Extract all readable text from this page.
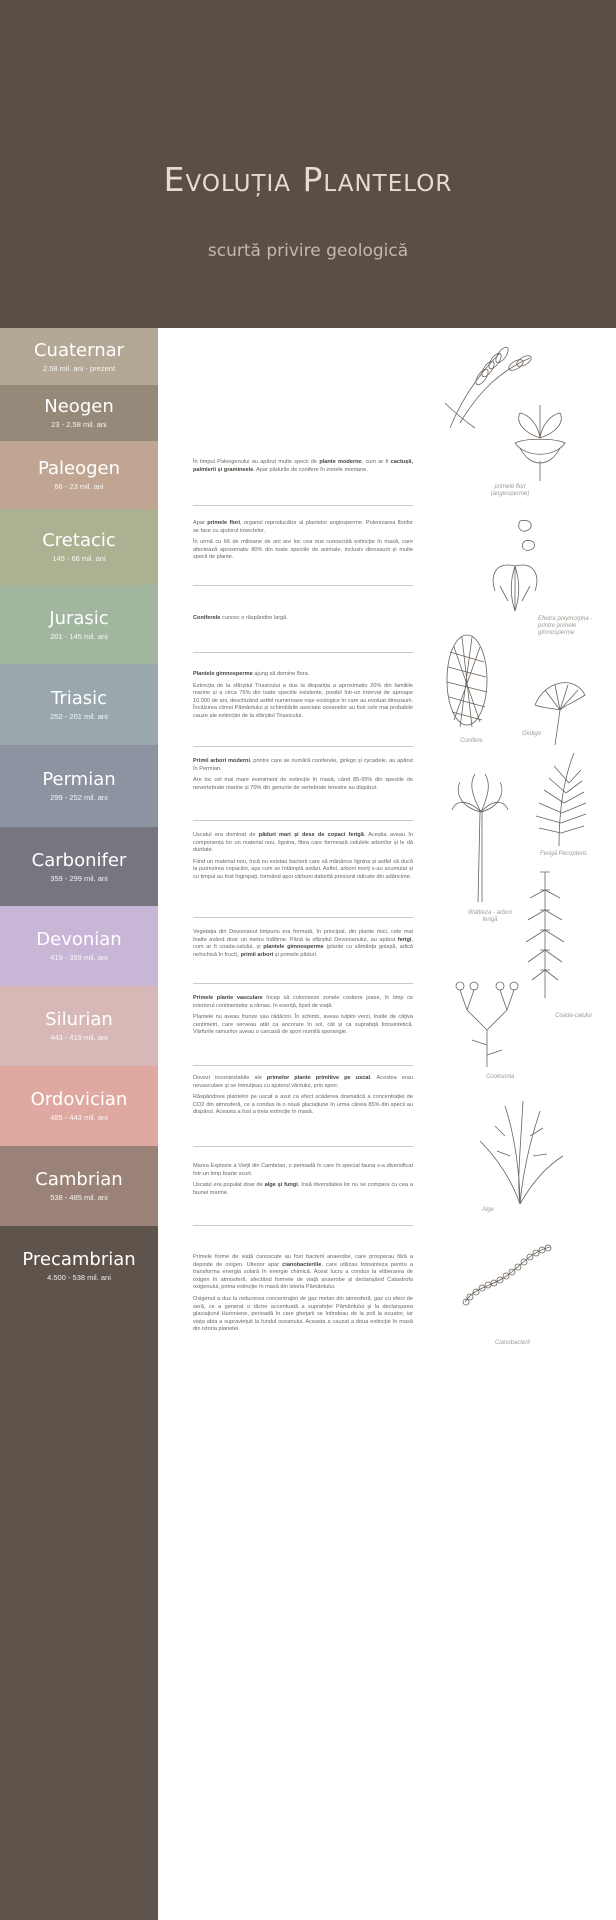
Evoluția Plantelor
scurtă privire geologică
Cuaternar
2.58 mil. ani - prezent
Neogen
23 - 2.58 mil. ani
Paleogen
66 - 23 mil. ani
Cretacic
145 - 66 mil. ani
Jurasic
201 - 145 mil. ani
Triasic
252 - 201 mil. ani
Permian
299 - 252 mil. ani
Carbonifer
359 - 299 mil. ani
Devonian
419 - 359 mil. ani
Silurian
443 - 419 mil. ani
Ordovician
485 - 443 mil. ani
Cambrian
538 - 485 mil. ani
Precambrian
4.500 - 538 mil. ani

În timpul Paleogenului au apărut multe specii de plante moderne, cum ar fi cactușii, palmierii și gramineele. Apar pădurile de conifere în zonele montane.

Apar primele flori, organul reproducător al plantelor angiosperme. Polenizarea florilor se face cu ajutorul insectelor.

În urmă cu 66 de milioane de ani are loc cea mai cunoscută extincție în masă, care afectează aproximativ 80% din toate speciile de animale, inclusiv dinozaurii și multe specii de plante.

Coniferele cunosc o răspândire largă.

Plantele gimnosperme ajung să domine flora.

Extincția de la sfârșitul Triasicului a dus la dispariția a aproximativ 20% din familiile marine și a circa 76% din toate speciile existente, posibil într-un interval de aproape 10.000 de ani, deschizând astfel numeroase nișe ecologice în care au evoluat dinozaurii. Încălzirea climei Pământului și schimbările asociate oceanelor au fost cele mai probabile cauze ale extincției de la sfârșitul Triasicului.

Primii arbori moderni, printre care se numără coniferele, ginkgo și cycadele, au apărut în Permian.

Are loc cel mai mare eveniment de extincție în masă, când 85-95% din speciile de nevertebrate marine și 70% din genurile de vertebrate terestre au dispărut.

Uscatul era dominat de păduri mari și dese de copaci ferigă. Aceștia aveau în componența lor un material nou, lignina, fibra care formează celulele arborilor și le dă duritate.

Fiind un material nou, încă nu existau bacterii care să mănânce lignina și astfel să ducă la putrezirea copacilor, așa cum se întâmplă astăzi. Astfel, arborii morți s-au acumulat și cu timpul au fost îngropați, formând apoi cărbuni datorită presiunii ridicate din adâncime.

Vegetația din Devonianul timpuriu era formată, în principal, din plante mici, cele mai înalte având doar un metru înălțime. Până la sfârșitul Devonianului, au apărut ferigi, cum ar fi coada-calului, și plantele gimnosperme (plante cu sămânța golașă, adică neînchisă în fruct), primii arbori și primele păduri.

Primele plante vasculare încep să colonizeze zonele costiere joase, în timp ce interiorul continentelor a rămas, în esență, lipsit de viață.

Plantele nu aveau frunze sau rădăcini. În schimb, aveau tulpini verzi, înalte de câțiva centimetri, care serveau atât ca ancorare în sol, cât și ca suprafață fotosintetică. Vârfurile ramurilor aveau o carcasă de spori numită sporangie.

Dovezi incontestabile ale primelor plante primitive pe uscat. Acestea erau nevasculare și se înmulțeau cu ajutorul vântului, prin spori.

Răspândirea plantelor pe uscat a avut ca efect scăderea dramatică a concentrației de CO2 din atmosferă, ce a condus la o nouă glaciațiune în urma căreia 85% din specii au dispărut. Aceasta a fost a treia extincție în masă.

Marea Explozie a Vieții din Cambrian, o perioadă în care în special fauna s-a diversificat într-un timp foarte scurt.

Uscatul era populat doar de alge și fungi, însă diversitatea lor nu se compara cu cea a faunei marine.

Primele forme de viață cunoscute au fost bacterii anaerobe, care prosperau fără a depinde de oxigen. Ulterior apar cianobacteriile, care utilizau fotosinteza pentru a transforma energia solară în energie chimică. Acest lucru a condus la eliberarea de oxigen în atmosferă, afectând formele de viață anaerobe și declanșând Catastrofa oxigenului, prima extincție în masă din istoria Pământului.

Oxigenul a dus la reducerea concentrației de gaz metan din atmosferă, gaz cu efect de seră, ce a generat o răcire accentuată a suprafeței Pământului și la declanșarea glaciațiunii Huroniene, perioadă în care ghețarii se întindeau de la poli la ecuator, iar viața abia a supraviețuit la fundul oceanului. Aceasta a cauzat a doua extincție în masă din istoria planetei.

primele flori (angiosperme)
Efedra polymorpha - printre primele gimnosperme
Conifere
Ginkgo
Ferigă Pecopteris
Wattieza - arbori ferigă
Coada-calului
Cooksonia
Alge
Cianobacterii
